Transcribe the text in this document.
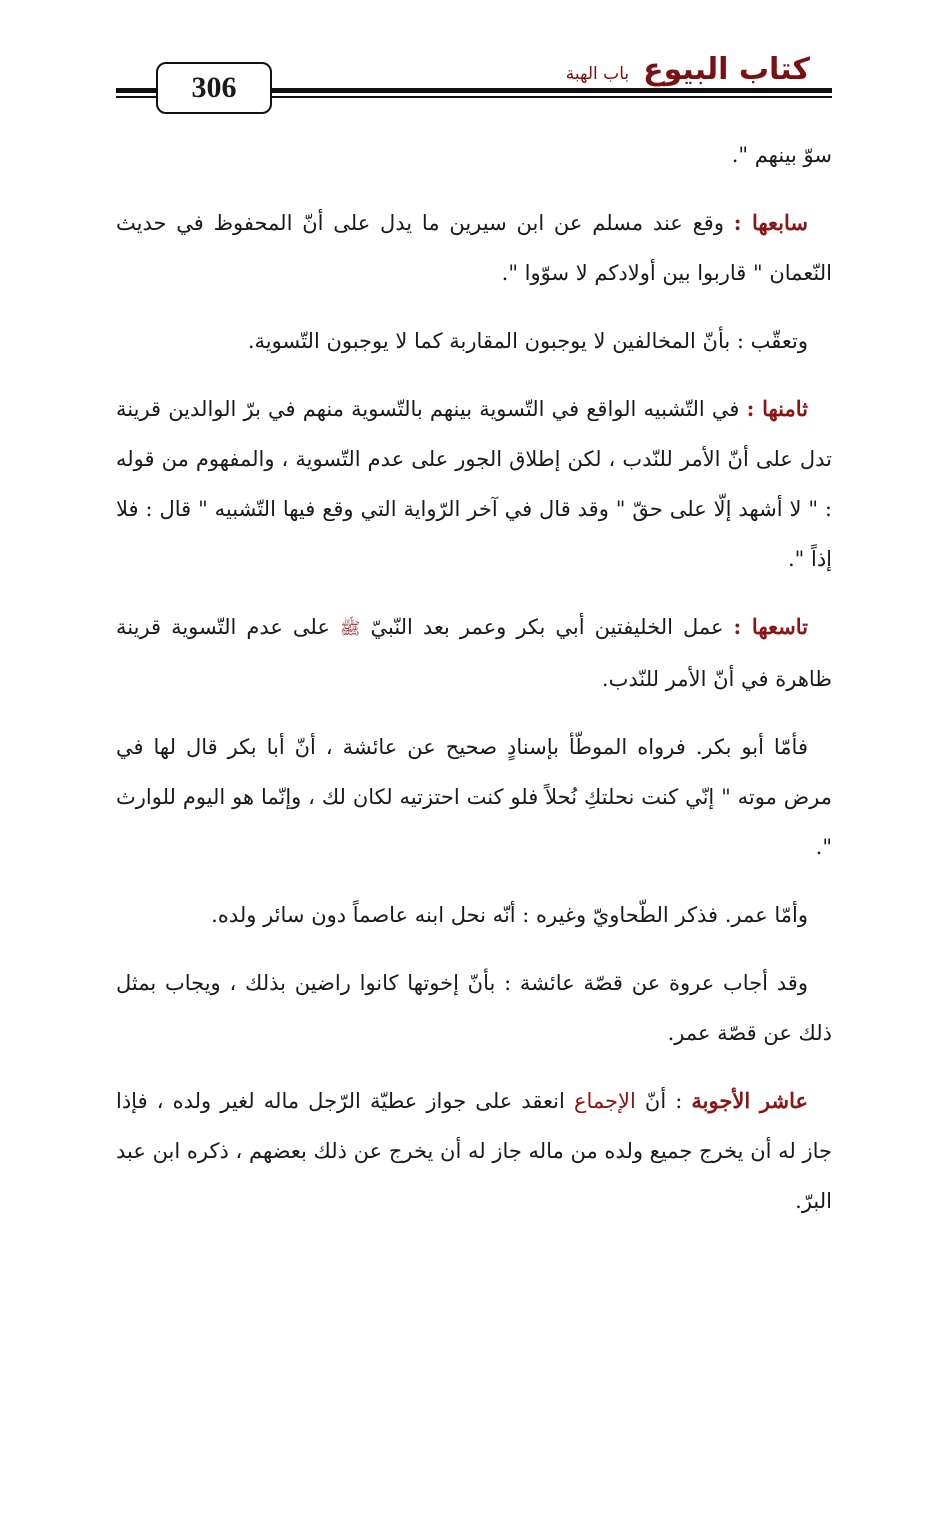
306
كتاب البيوع
باب الهبة

سوّ بينهم ".

سابعها : وقع عند مسلم عن ابن سيرين ما يدل على أنّ المحفوظ في حديث النّعمان " قاربوا بين أولادكم لا سوّوا ".

وتعقّب : بأنّ المخالفين لا يوجبون المقاربة كما لا يوجبون التّسوية.

ثامنها : في التّشبيه الواقع في التّسوية بينهم بالتّسوية منهم في برّ الوالدين قرينة تدل على أنّ الأمر للنّدب ، لكن إطلاق الجور على عدم التّسوية ، والمفهوم من قوله : " لا أشهد إلّا على حقّ " وقد قال في آخر الرّواية التي وقع فيها التّشبيه " قال : فلا إذاً ".

تاسعها : عمل الخليفتين أبي بكر وعمر بعد النّبيّ ﷺ على عدم التّسوية قرينة ظاهرة في أنّ الأمر للنّدب.

فأمّا أبو بكر. فرواه الموطّأ بإسنادٍ صحيح عن عائشة ، أنّ أبا بكر قال لها في مرض موته " إنّي كنت نحلتكِ نُحلاً فلو كنت احتزتيه لكان لك ، وإنّما هو اليوم للوارث ".

وأمّا عمر. فذكر الطّحاويّ وغيره : أنّه نحل ابنه عاصماً دون سائر ولده.

وقد أجاب عروة عن قصّة عائشة : بأنّ إخوتها كانوا راضين بذلك ، ويجاب بمثل ذلك عن قصّة عمر.

عاشر الأجوبة : أنّ الإجماع انعقد على جواز عطيّة الرّجل ماله لغير ولده ، فإذا جاز له أن يخرج جميع ولده من ماله جاز له أن يخرج عن ذلك بعضهم ، ذكره ابن عبد البرّ.
